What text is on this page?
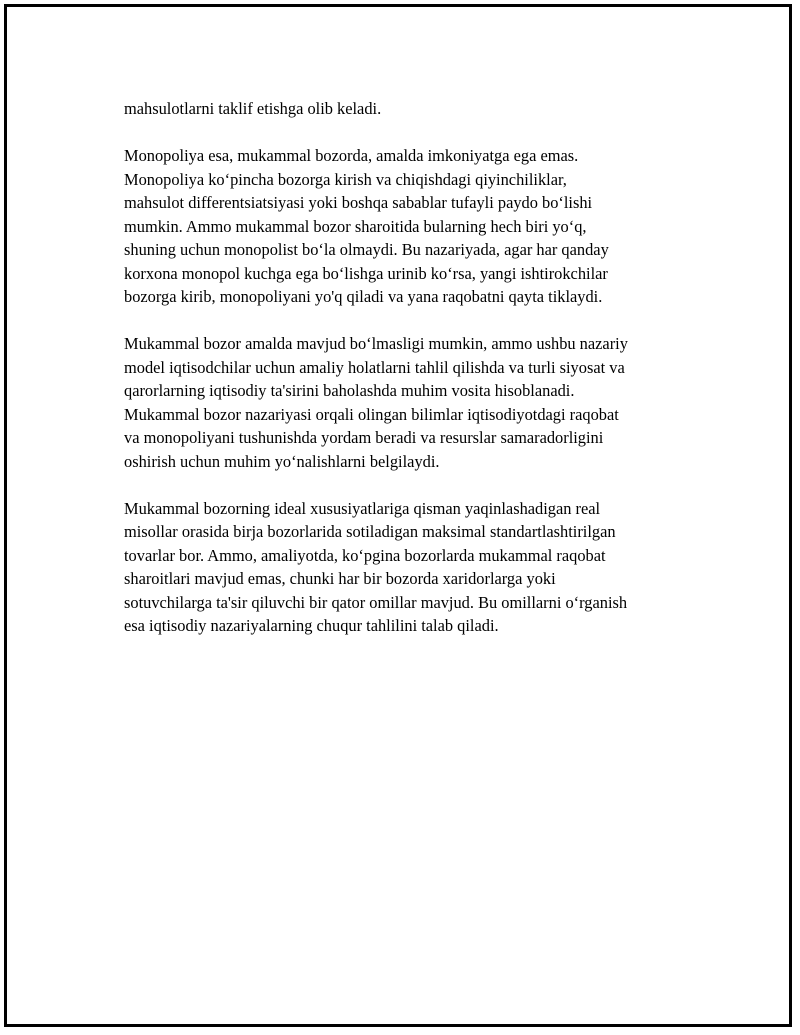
mahsulotlarni taklif etishga olib keladi.

Monopoliya esa, mukammal bozorda, amalda imkoniyatga ega emas.
Monopoliya ko‘pincha bozorga kirish va chiqishdagi qiyinchiliklar,
mahsulot differentsiatsiyasi yoki boshqa sabablar tufayli paydo bo‘lishi
mumkin. Ammo mukammal bozor sharoitida bularning hech biri yo‘q,
shuning uchun monopolist bo‘la olmaydi. Bu nazariyada, agar har qanday
korxona monopol kuchga ega bo‘lishga urinib ko‘rsa, yangi ishtirokchilar
bozorga kirib, monopoliyani yo'q qiladi va yana raqobatni qayta tiklaydi.

Mukammal bozor amalda mavjud bo‘lmasligi mumkin, ammo ushbu nazariy
model iqtisodchilar uchun amaliy holatlarni tahlil qilishda va turli siyosat va
qarorlarning iqtisodiy ta'sirini baholashda muhim vosita hisoblanadi.
Mukammal bozor nazariyasi orqali olingan bilimlar iqtisodiyotdagi raqobat
va monopoliyani tushunishda yordam beradi va resurslar samaradorligini
oshirish uchun muhim yo‘nalishlarni belgilaydi.

Mukammal bozorning ideal xususiyatlariga qisman yaqinlashadigan real
misollar orasida birja bozorlarida sotiladigan maksimal standartlashtirilgan
tovarlar bor. Ammo, amaliyotda, ko‘pgina bozorlarda mukammal raqobat
sharoitlari mavjud emas, chunki har bir bozorda xaridorlarga yoki
sotuvchilarga ta'sir qiluvchi bir qator omillar mavjud. Bu omillarni o‘rganish
esa iqtisodiy nazariyalarning chuqur tahlilini talab qiladi.
